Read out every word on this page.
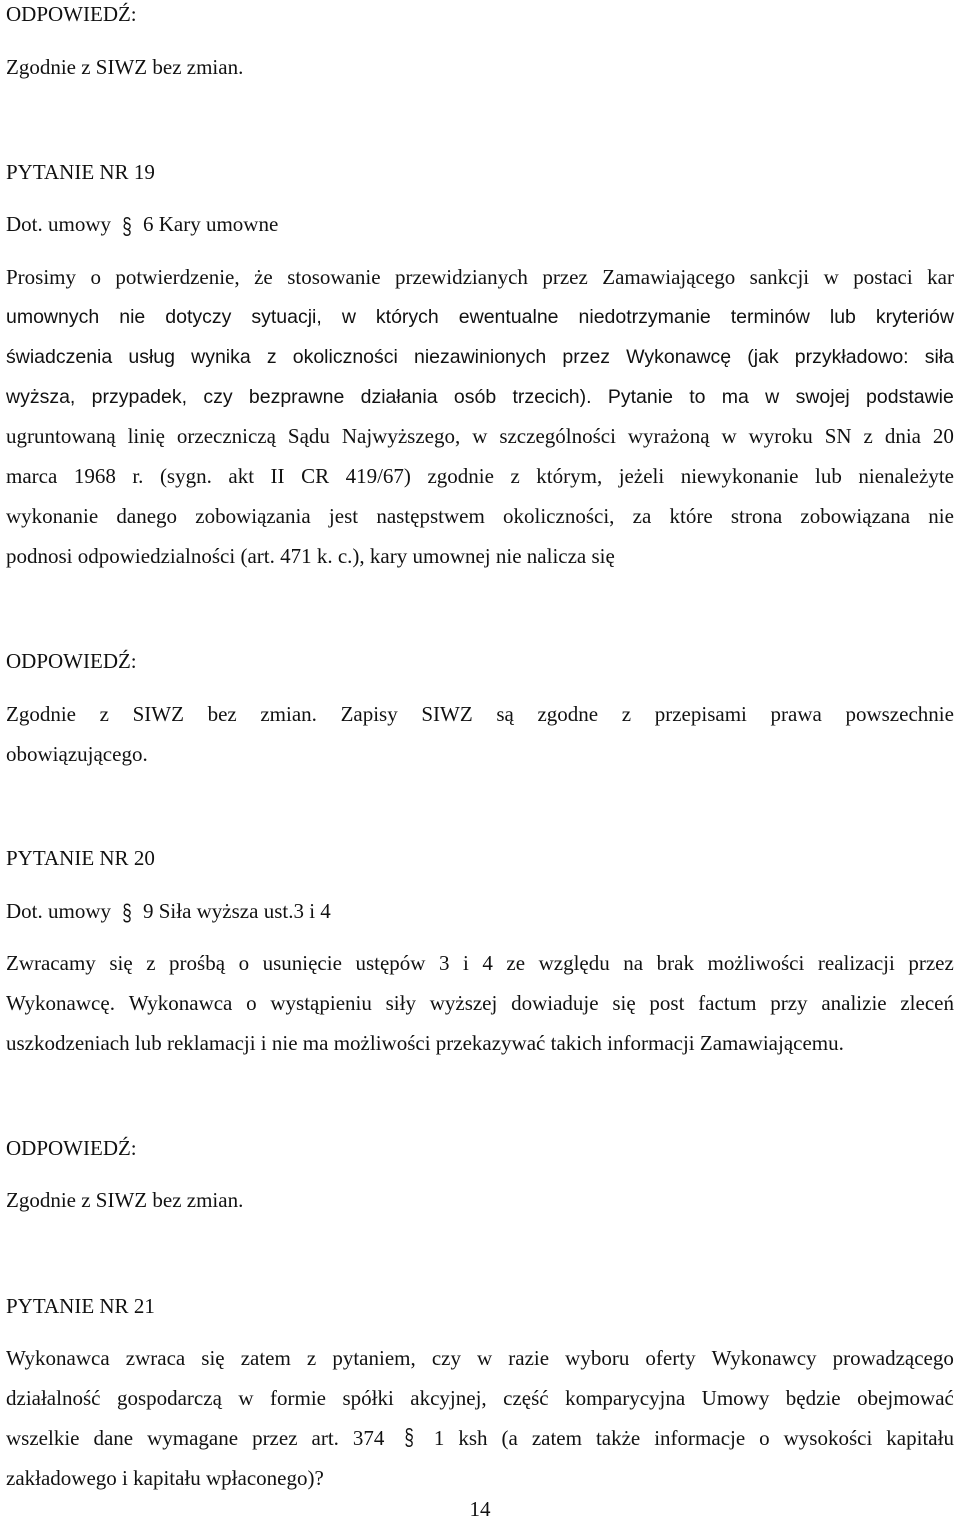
ODPOWIEDŹ:
Zgodnie z SIWZ bez zmian.
PYTANIE NR 19
Dot. umowy § 6 Kary umowne
Prosimy o potwierdzenie, że stosowanie przewidzianych przez Zamawiającego sankcji w postaci kar
umownych nie dotyczy sytuacji, w których ewentualne niedotrzymanie terminów lub kryteriów
świadczenia usług wynika z okoliczności niezawinionych przez Wykonawcę (jak przykładowo: siła
wyższa, przypadek, czy bezprawne działania osób trzecich). Pytanie to ma w swojej podstawie
ugruntowaną linię orzeczniczą Sądu Najwyższego, w szczególności wyrażoną w wyroku SN z dnia 20
marca 1968 r. (sygn. akt II CR 419/67) zgodnie z którym, jeżeli niewykonanie lub nienależyte
wykonanie danego zobowiązania jest następstwem okoliczności, za które strona zobowiązana nie
podnosi odpowiedzialności (art. 471 k. c.), kary umownej nie nalicza się
ODPOWIEDŹ:
Zgodnie z SIWZ bez zmian. Zapisy SIWZ są zgodne z przepisami prawa powszechnie
obowiązującego.
PYTANIE NR 20
Dot. umowy § 9 Siła wyższa ust.3 i 4
Zwracamy się z prośbą o usunięcie ustępów 3 i 4 ze względu na brak możliwości realizacji przez
Wykonawcę. Wykonawca o wystąpieniu siły wyższej dowiaduje się post factum przy analizie zleceń
uszkodzeniach lub reklamacji i nie ma możliwości przekazywać takich informacji Zamawiającemu.
ODPOWIEDŹ:
Zgodnie z SIWZ bez zmian.
PYTANIE NR 21
Wykonawca zwraca się zatem z pytaniem, czy w razie wyboru oferty Wykonawcy prowadzącego
działalność gospodarczą w formie spółki akcyjnej, część komparycyjna Umowy będzie obejmować
wszelkie dane wymagane przez art. 374 § 1 ksh (a zatem także informacje o wysokości kapitału
zakładowego i kapitału wpłaconego)?
14
